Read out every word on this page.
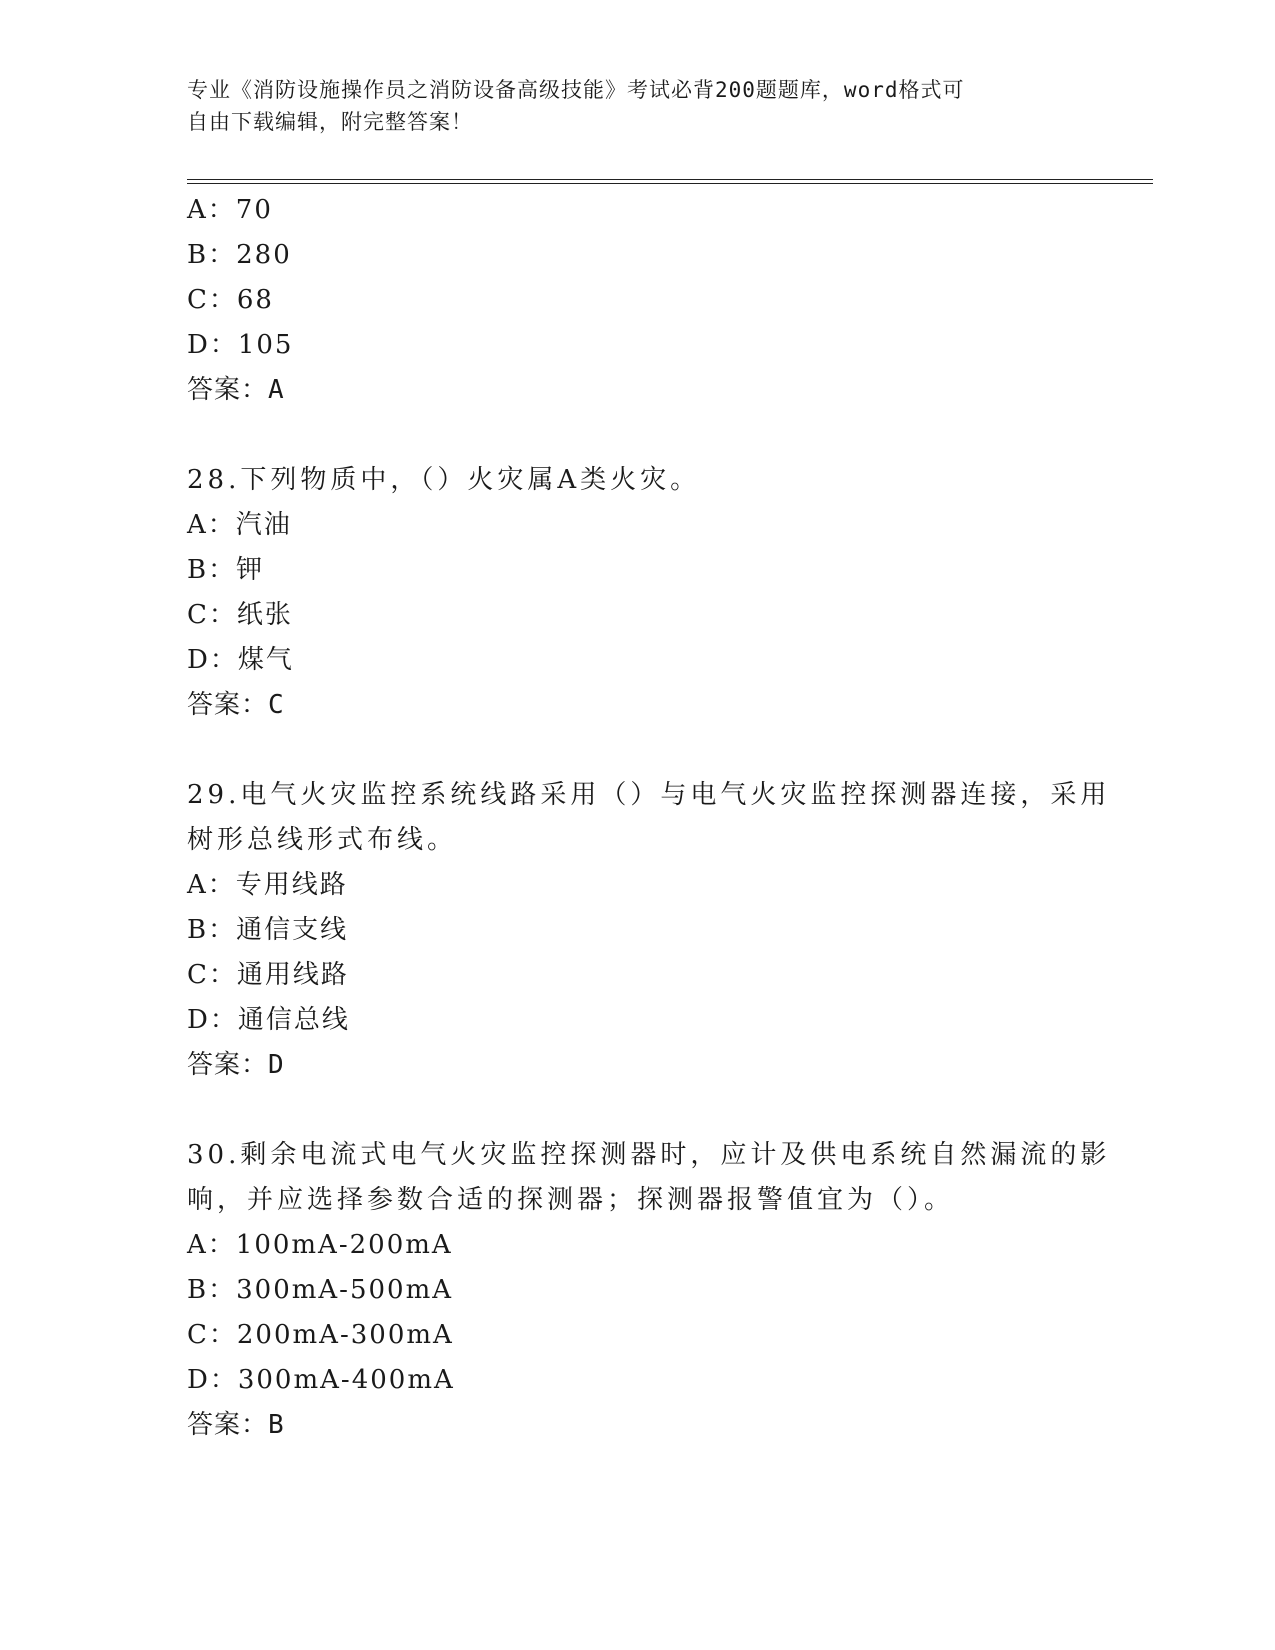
专业《消防设施操作员之消防设备高级技能》考试必背200题题库，word格式可
自由下载编辑，附完整答案！
A：70
B：280
C：68
D：105
答案：A
28.下列物质中，（）火灾属A类火灾。
A：汽油
B：钾
C：纸张
D：煤气
答案：C
29.电气火灾监控系统线路采用（）与电气火灾监控探测器连接，采用
树形总线形式布线。
A：专用线路
B：通信支线
C：通用线路
D：通信总线
答案：D
30.剩余电流式电气火灾监控探测器时，应计及供电系统自然漏流的影
响，并应选择参数合适的探测器；探测器报警值宜为（）。
A：100mA-200mA
B：300mA-500mA
C：200mA-300mA
D：300mA-400mA
答案：B
